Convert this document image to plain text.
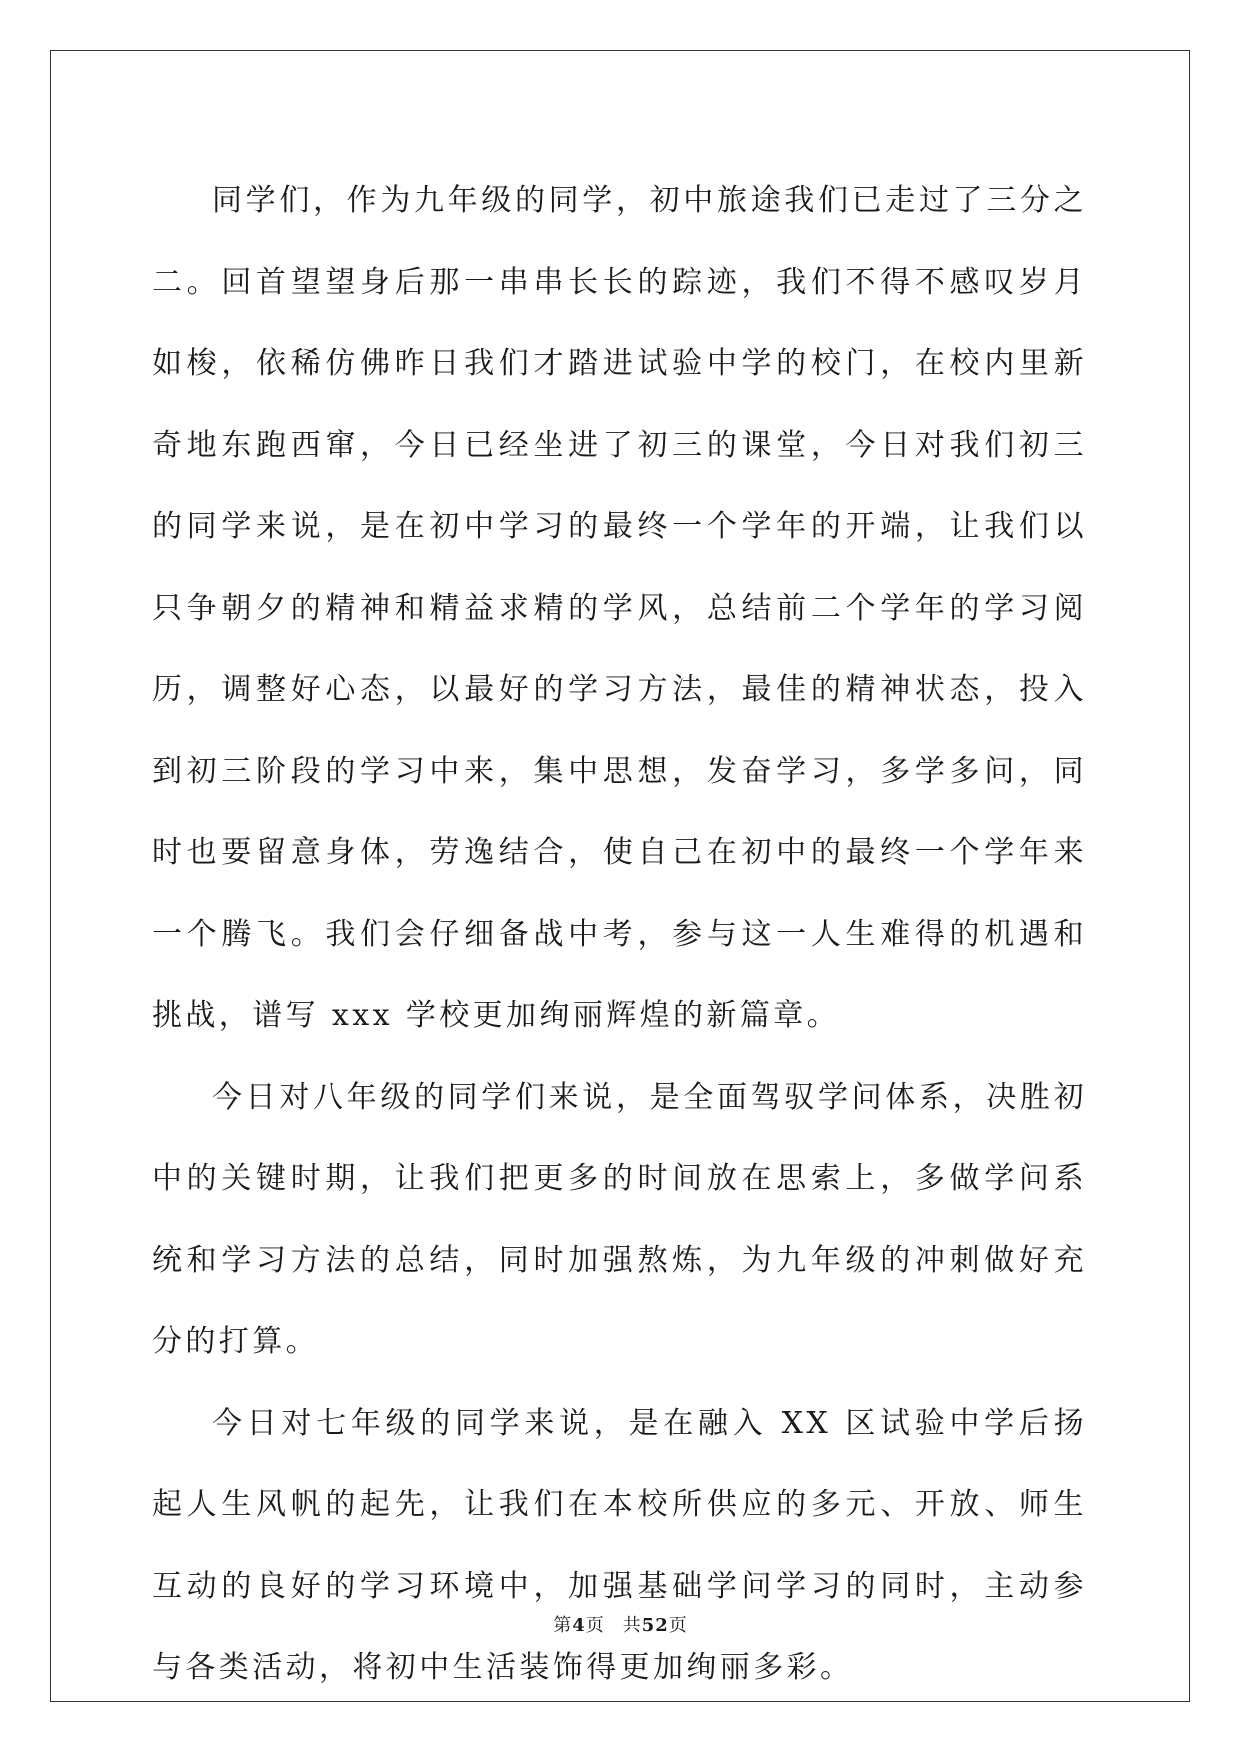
同学们，作为九年级的同学，初中旅途我们已走过了三分之二。回首望望身后那一串串长长的踪迹，我们不得不感叹岁月如梭，依稀仿佛昨日我们才踏进试验中学的校门，在校内里新奇地东跑西窜，今日已经坐进了初三的课堂，今日对我们初三的同学来说，是在初中学习的最终一个学年的开端，让我们以只争朝夕的精神和精益求精的学风，总结前二个学年的学习阅历，调整好心态，以最好的学习方法，最佳的精神状态，投入到初三阶段的学习中来，集中思想，发奋学习，多学多问，同时也要留意身体，劳逸结合，使自己在初中的最终一个学年来一个腾飞。我们会仔细备战中考，参与这一人生难得的机遇和挑战，谱写 xxx 学校更加绚丽辉煌的新篇章。

今日对八年级的同学们来说，是全面驾驭学问体系，决胜初中的关键时期，让我们把更多的时间放在思索上，多做学问系统和学习方法的总结，同时加强熬炼，为九年级的冲刺做好充分的打算。

今日对七年级的同学来说，是在融入 XX 区试验中学后扬起人生风帆的起先，让我们在本校所供应的多元、开放、师生互动的良好的学习环境中，加强基础学问学习的同时，主动参与各类活动，将初中生活装饰得更加绚丽多彩。

第4页 共52页
